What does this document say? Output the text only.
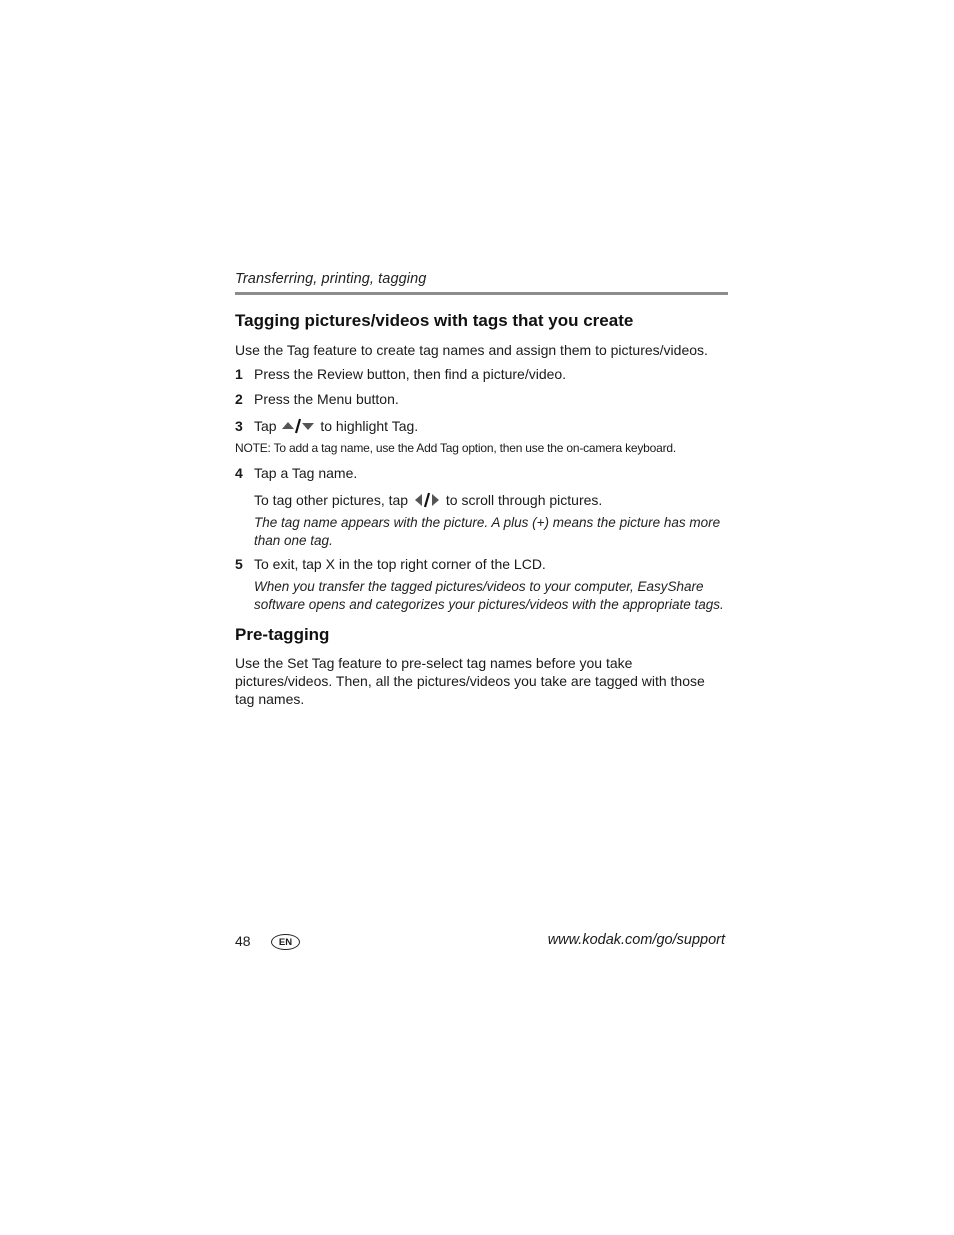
Transferring, printing, tagging
Tagging pictures/videos with tags that you create
Use the Tag feature to create tag names and assign them to pictures/videos.
1 Press the Review button, then find a picture/video.
2 Press the Menu button.
3 Tap	to highlight Tag.
NOTE: To add a tag name, use the Add Tag option, then use the on-camera keyboard.
4 Tap a Tag name.
To tag other pictures, tap	to scroll through pictures.
The tag name appears with the picture. A plus (+) means the picture has more than one tag.
5 To exit, tap X in the top right corner of the LCD.
When you transfer the tagged pictures/videos to your computer, EasyShare software opens and categorizes your pictures/videos with the appropriate tags.
Pre-tagging
Use the Set Tag feature to pre-select tag names before you take pictures/videos. Then, all the pictures/videos you take are tagged with those tag names.
48	EN	www.kodak.com/go/support
